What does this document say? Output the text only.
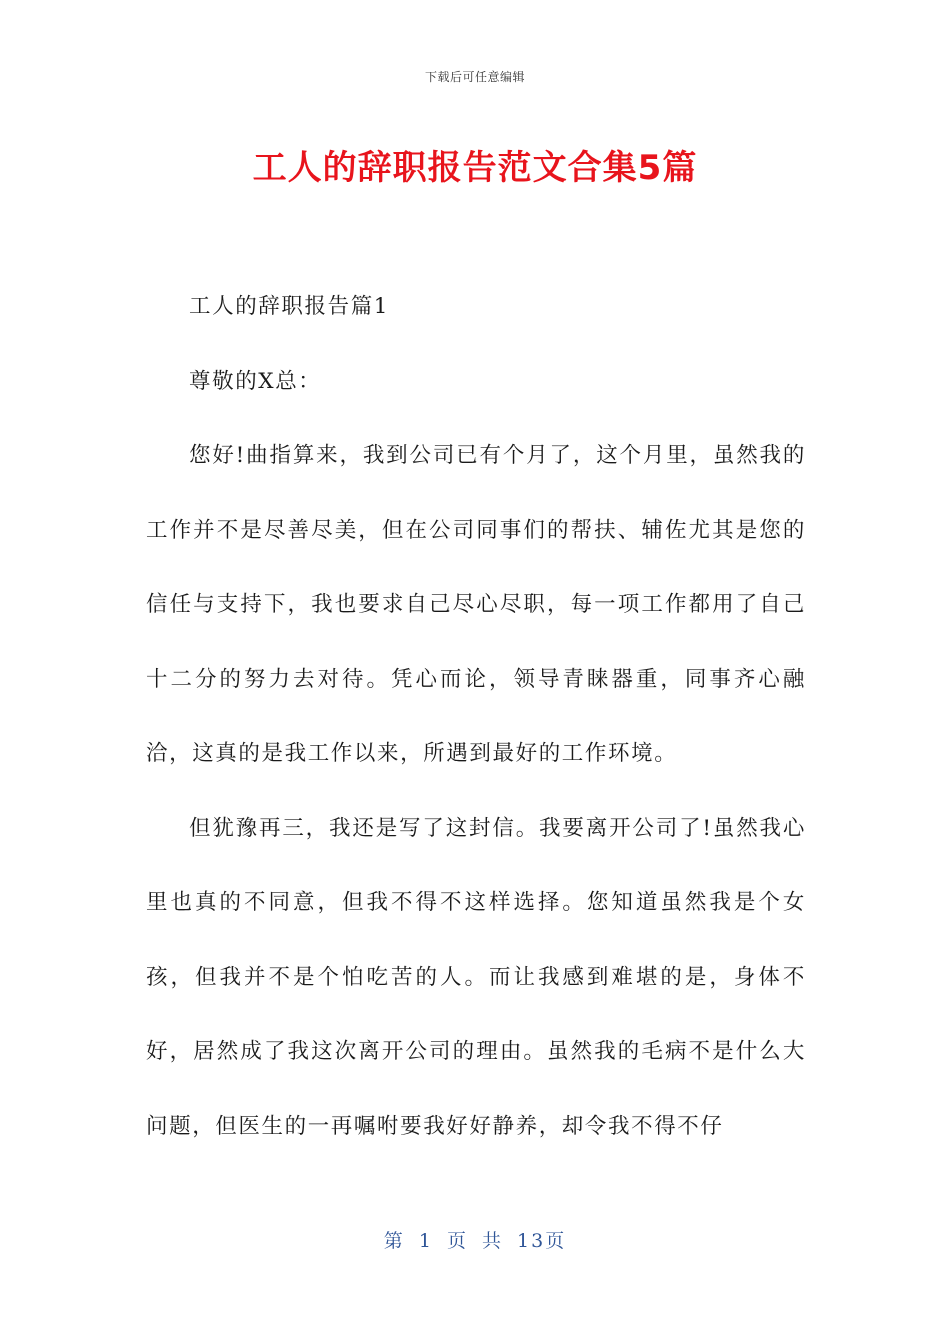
下载后可任意编辑
工人的辞职报告范文合集5篇

工人的辞职报告篇1

尊敬的X总：

您好!曲指算来，我到公司已有个月了，这个月里，虽然我的工作并不是尽善尽美，但在公司同事们的帮扶、辅佐尤其是您的信任与支持下，我也要求自己尽心尽职，每一项工作都用了自己十二分的努力去对待。凭心而论，领导青睐器重，同事齐心融洽，这真的是我工作以来，所遇到最好的工作环境。

但犹豫再三，我还是写了这封信。我要离开公司了!虽然我心里也真的不同意，但我不得不这样选择。您知道虽然我是个女孩，但我并不是个怕吃苦的人。而让我感到难堪的是，身体不好，居然成了我这次离开公司的理由。虽然我的毛病不是什么大问题，但医生的一再嘱咐要我好好静养，却令我不得不仔

第 1 页 共 13页
